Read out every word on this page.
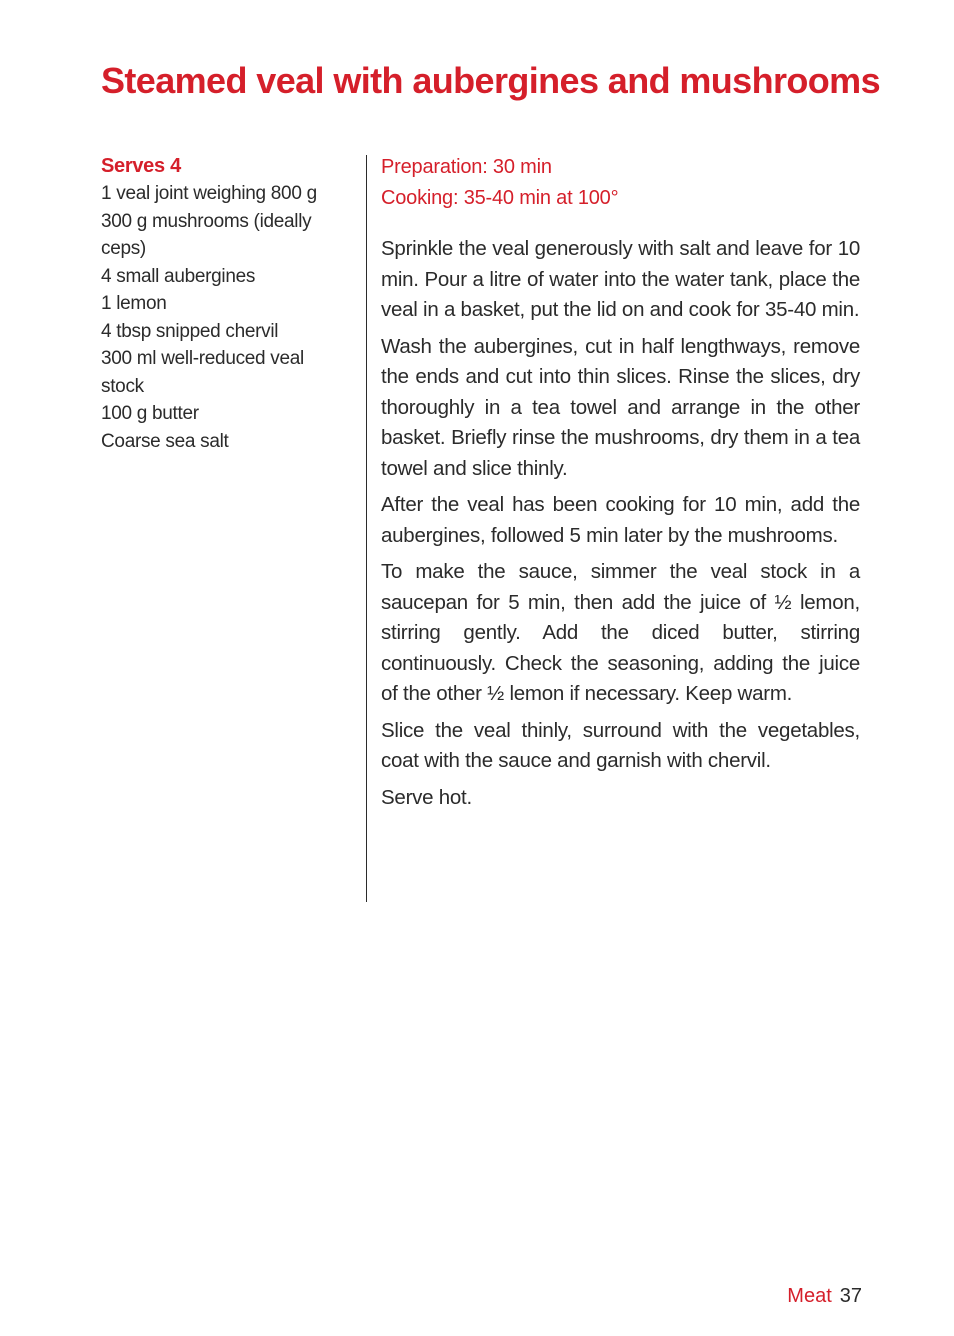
Steamed veal with aubergines and mushrooms
Serves 4
1 veal joint weighing 800 g
300 g mushrooms (ideally
ceps)
4 small aubergines
1 lemon
4 tbsp snipped chervil
300 ml well-reduced veal
stock
100 g butter
Coarse sea salt
Preparation: 30 min
Cooking: 35-40 min at 100°

Sprinkle the veal generously with salt and leave for 10 min. Pour a litre of water into the water tank, place the veal in a basket, put the lid on and cook for 35-40 min.

Wash the aubergines, cut in half lengthways, remove the ends and cut into thin slices. Rinse the slices, dry thoroughly in a tea towel and arrange in the other basket. Briefly rinse the mushrooms, dry them in a tea towel and slice thinly.

After the veal has been cooking for 10 min, add the aubergines, followed 5 min later by the mushrooms.

To make the sauce, simmer the veal stock in a saucepan for 5 min, then add the juice of ½ lemon, stirring gently. Add the diced butter, stirring continuously. Check the seasoning, adding the juice of the other ½ lemon if necessary. Keep warm.

Slice the veal thinly, surround with the vegetables, coat with the sauce and garnish with chervil.

Serve hot.

Meat 37
